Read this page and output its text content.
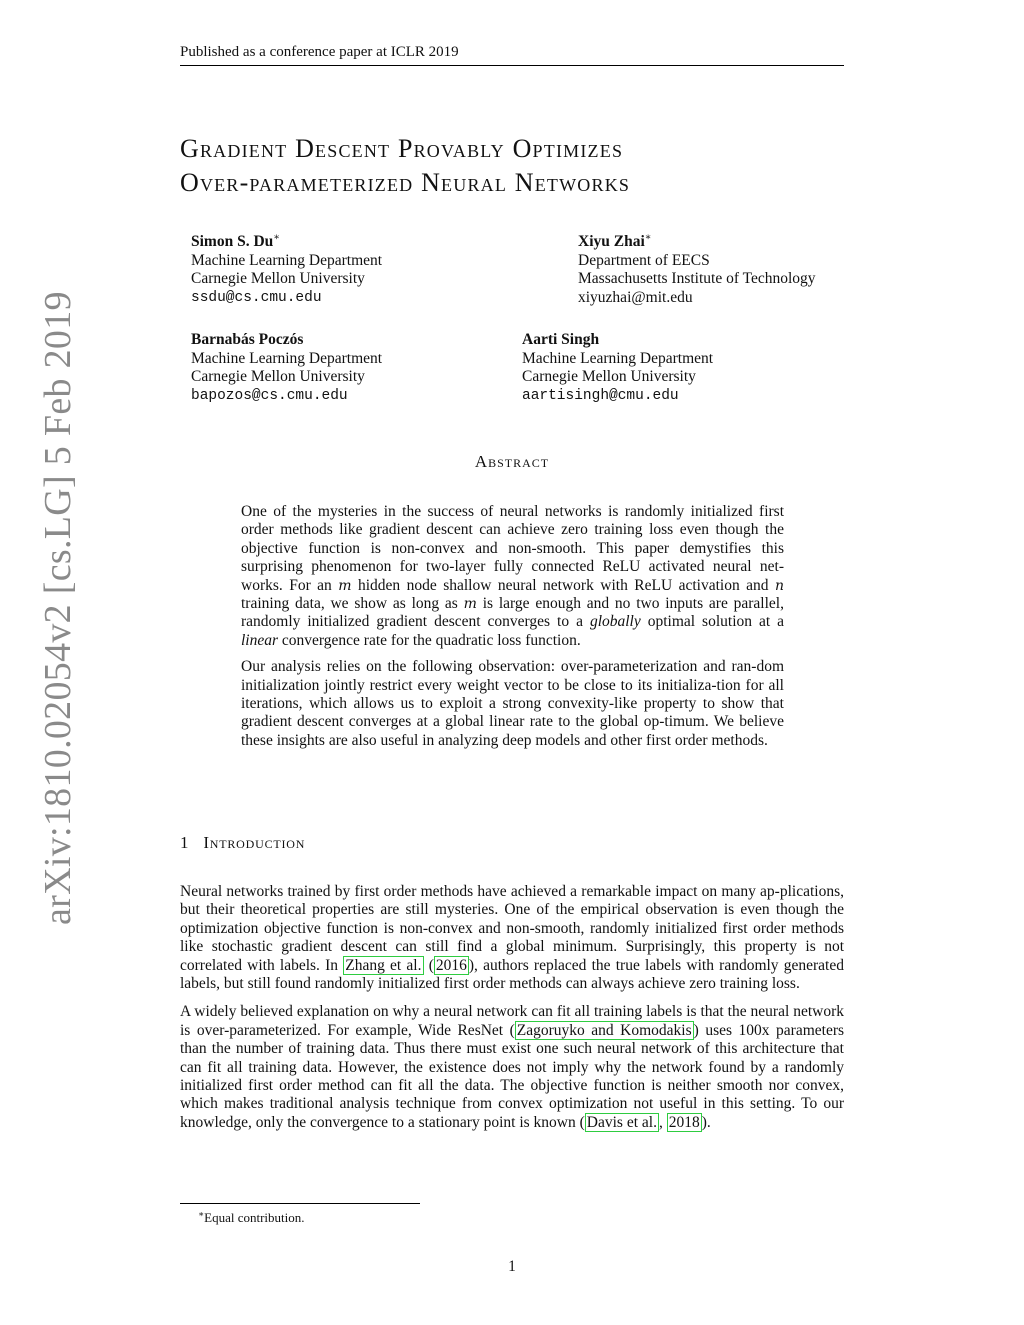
Published as a conference paper at ICLR 2019
arXiv:1810.02054v2 [cs.LG] 5 Feb 2019
Gradient Descent Provably Optimizes
Over-parameterized Neural Networks
Simon S. Du∗
Machine Learning Department
Carnegie Mellon University
ssdu@cs.cmu.edu
Xiyu Zhai∗
Department of EECS
Massachusetts Institute of Technology
xiyuzhai@mit.edu
Barnabás Poczós
Machine Learning Department
Carnegie Mellon University
bapozos@cs.cmu.edu
Aarti Singh
Machine Learning Department
Carnegie Mellon University
aartisingh@cmu.edu
Abstract

One of the mysteries in the success of neural networks is randomly initialized first order methods like gradient descent can achieve zero training loss even though the objective function is non-convex and non-smooth. This paper demystifies this surprising phenomenon for two-layer fully connected ReLU activated neural net-works. For an m hidden node shallow neural network with ReLU activation and n training data, we show as long as m is large enough and no two inputs are parallel, randomly initialized gradient descent converges to a globally optimal solution at a linear convergence rate for the quadratic loss function.

Our analysis relies on the following observation: over-parameterization and ran-dom initialization jointly restrict every weight vector to be close to its initializa-tion for all iterations, which allows us to exploit a strong convexity-like property to show that gradient descent converges at a global linear rate to the global op-timum. We believe these insights are also useful in analyzing deep models and other first order methods.

1 Introduction

Neural networks trained by first order methods have achieved a remarkable impact on many ap-plications, but their theoretical properties are still mysteries. One of the empirical observation is even though the optimization objective function is non-convex and non-smooth, randomly initialized first order methods like stochastic gradient descent can still find a global minimum. Surprisingly, this property is not correlated with labels. In Zhang et al. ( 2016 ), authors replaced the true labels with randomly generated labels, but still found randomly initialized first order methods can always achieve zero training loss.

A widely believed explanation on why a neural network can fit all training labels is that the neural network is over-parameterized. For example, Wide ResNet ( Zagoruyko and Komodakis ) uses 100x parameters than the number of training data. Thus there must exist one such neural network of this architecture that can fit all training data. However, the existence does not imply why the network found by a randomly initialized first order method can fit all the data. The objective function is neither smooth nor convex, which makes traditional analysis technique from convex optimization not useful in this setting. To our knowledge, only the convergence to a stationary point is known ( Davis et al. , 2018 ).

∗Equal contribution.
1
